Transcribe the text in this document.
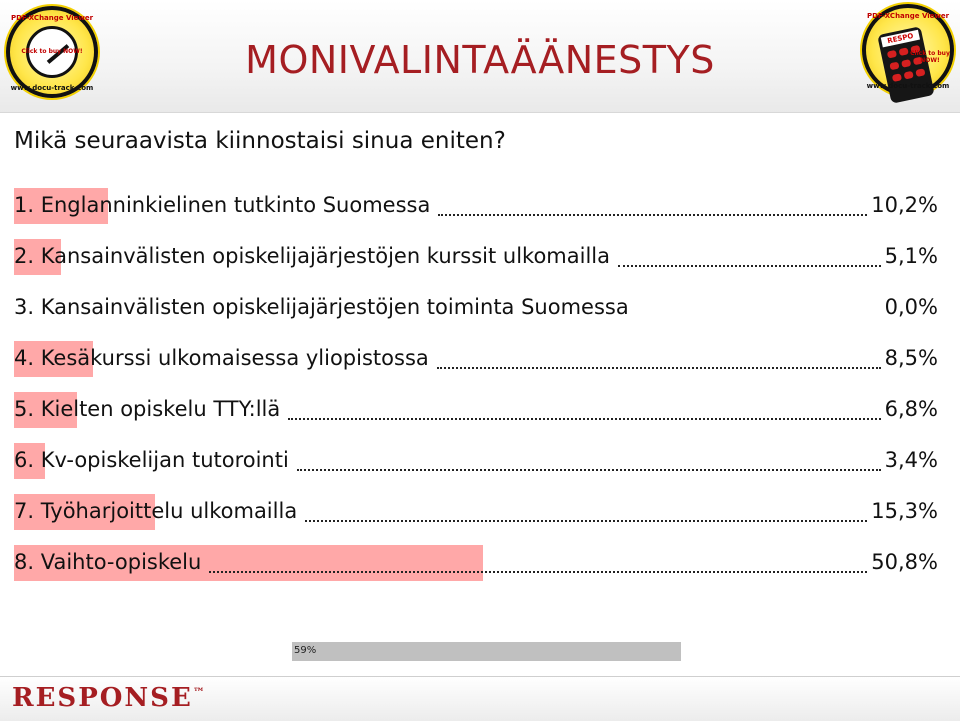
PDF-XChange Viewer
Click to buy NOW!
www.docu-track.com
MONIVALINTAÄÄNESTYS
PDF-XChange Viewer
RESPO
Click to buy NOW!
www.docu-track.com
Mikä seuraavista kiinnostaisi sinua eniten?
1. Englanninkielinen tutkinto Suomessa	10,2%
2. Kansainvälisten opiskelijajärjestöjen kurssit ulkomailla	5,1%
3. Kansainvälisten opiskelijajärjestöjen toiminta Suomessa	0,0%
4. Kesäkurssi ulkomaisessa yliopistossa	8,5%
5. Kielten opiskelu TTY:llä	6,8%
6. Kv-opiskelijan tutorointi	3,4%
7. Työharjoittelu ulkomailla	15,3%
8. Vaihto-opiskelu	50,8%
59%
RESPONSE™
